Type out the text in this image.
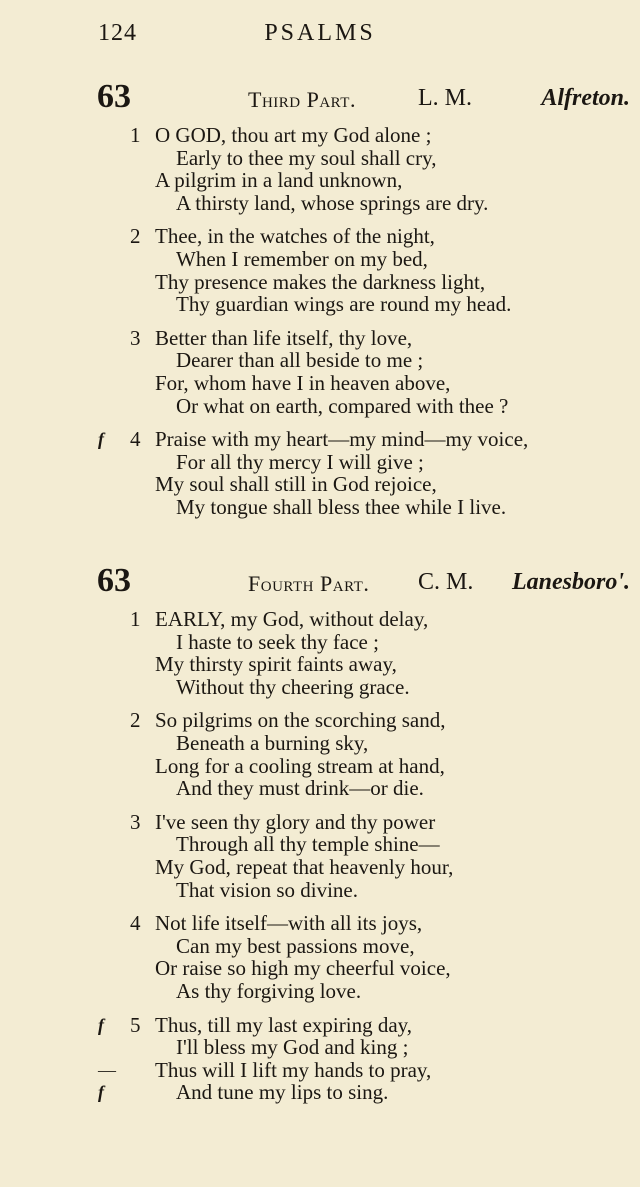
124	PSALMS
63	Third Part.	L. M.	Alfreton.
1 O GOD, thou art my God alone ;
Early to thee my soul shall cry,
A pilgrim in a land unknown,
A thirsty land, whose springs are dry.
2 Thee, in the watches of the night,
When I remember on my bed,
Thy presence makes the darkness light,
Thy guardian wings are round my head.
3 Better than life itself, thy love,
Dearer than all beside to me ;
For, whom have I in heaven above,
Or what on earth, compared with thee ?
f 4 Praise with my heart—my mind—my voice,
For all thy mercy I will give ;
My soul shall still in God rejoice,
My tongue shall bless thee while I live.
63	Fourth Part. C. M. Lanesboro'.
1 EARLY, my God, without delay,
I haste to seek thy face ;
My thirsty spirit faints away,
Without thy cheering grace.
2 So pilgrims on the scorching sand,
Beneath a burning sky,
Long for a cooling stream at hand,
And they must drink—or die.
3 I've seen thy glory and thy power
Through all thy temple shine—
My God, repeat that heavenly hour,
That vision so divine.
4 Not life itself—with all its joys,
Can my best passions move,
Or raise so high my cheerful voice,
As thy forgiving love.
f 5 Thus, till my last expiring day,
I'll bless my God and king ;
— Thus will I lift my hands to pray,
f	And tune my lips to sing.
